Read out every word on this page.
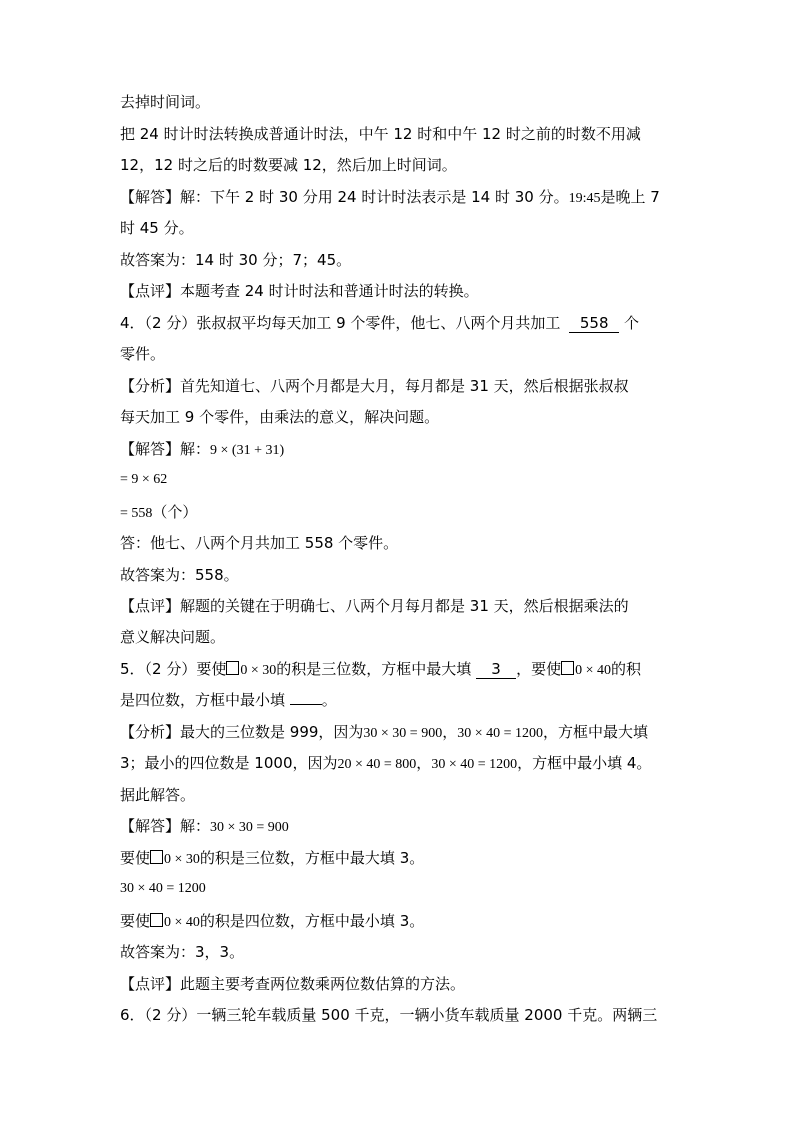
去掉时间词。
把 24 时计时法转换成普通计时法，中午 12 时和中午 12 时之前的时数不用减
12，12 时之后的时数要减 12，然后加上时间词。
【解答】解：下午 2 时 30 分用 24 时计时法表示是 14 时 30 分。19:45是晚上 7
时 45 分。
故答案为：14 时 30 分；7；45。
【点评】本题考查 24 时计时法和普通计时法的转换。
4．（2 分）张叔叔平均每天加工 9 个零件，他七、八两个月共加工 558 个
零件。
【分析】首先知道七、八两个月都是大月，每月都是 31 天，然后根据张叔叔
每天加工 9 个零件，由乘法的意义，解决问题。
【解答】解：9 × (31 + 31)
= 9 × 62
= 558（个）
答：他七、八两个月共加工 558 个零件。
故答案为：558。
【点评】解题的关键在于明确七、八两个月每月都是 31 天，然后根据乘法的
意义解决问题。
5．（2 分）要使 0 × 30的积是三位数，方框中最大填 3 ，要使 0 × 40的积
是四位数，方框中最小填 。
【分析】最大的三位数是 999，因为30 × 30 = 900，30 × 40 = 1200，方框中最大填
3；最小的四位数是 1000，因为20 × 40 = 800，30 × 40 = 1200，方框中最小填 4。
据此解答。
【解答】解：30 × 30 = 900
要使 0 × 30的积是三位数，方框中最大填 3。
30 × 40 = 1200
要使 0 × 40的积是四位数，方框中最小填 3。
故答案为：3，3。
【点评】此题主要考查两位数乘两位数估算的方法。
6．（2 分）一辆三轮车载质量 500 千克，一辆小货车载质量 2000 千克。两辆三
